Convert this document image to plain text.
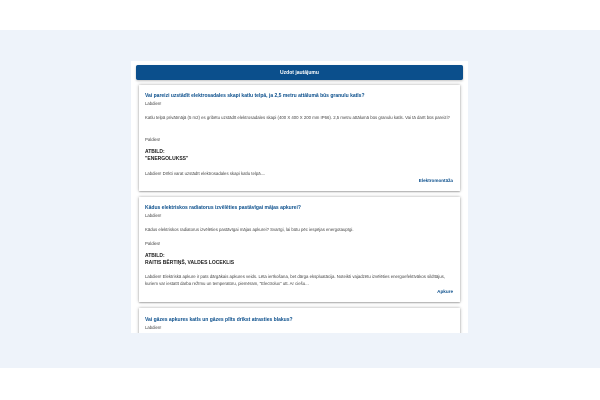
Uzdot jautājumu
Vai pareizi uzstādīt elektrosadales skapi katlu telpā, ja 2,5 metru attālumā būs granulu katls?
Labdien!
Katlu telpā privātmājā (5 m2) es gribētu uzstādīt elektrosadales skapi (400 X 400 X 200 mm IP66). 2,5 metru attālumā būs granulu katls. Vai tā darīt būs pareizi?
Paldies!
ATBILD:
"ENERGOLUKSS"
Labdien! Drīkti varat uzstādīt elektrosadales skapi katlu telpā....
Elektromontāža
Kādus elektriskos radiatorus izvēlēties pastāvīgai mājas apkurei?
Labdien!
Kādus elektriskos radiatorus izvēlēties pastāvīgai mājas apkurei? Svarīgi, lai būtu pēc iespējas energotaupīgi.
Paldies!
ATBILD:
RAITIS BĒRTIŅŠ, VALDES LOCEKLIS
Labdien! Elektriskā apkure ir pats dārgākais apkures veids. Lēta ierīkošana, bet dārga ekspluatācija. Noteikti vajadzētu izvēlēties energoefektīvākos sildītājus, kuriem var iestatīt darba režīmu un temperatūru, piemēram, "Electrolux" utt. Ar ciešu...
Apkure
Vai gāzes apkures katls un gāzes plīts drīkst atrasties blakus?
Labdien!
